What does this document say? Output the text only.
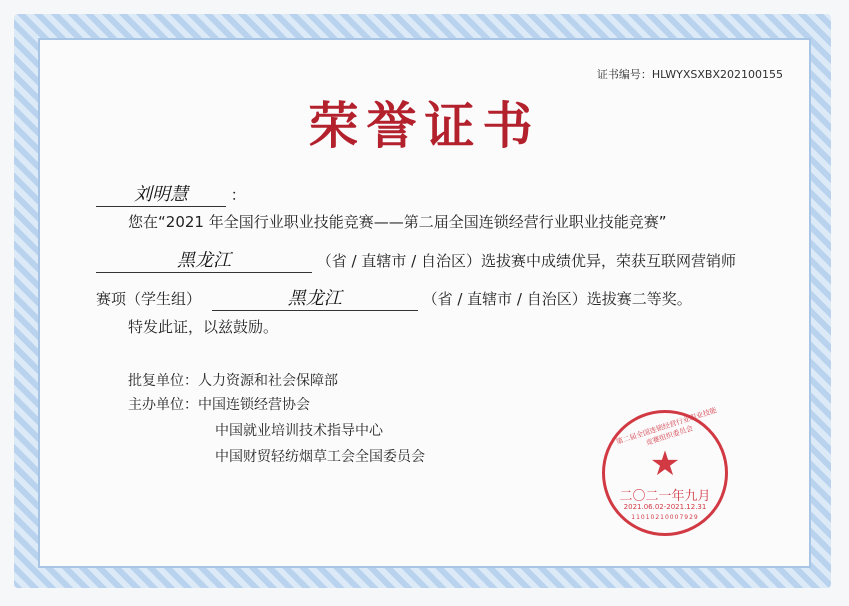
证书编号：HLWYXSXBX202100155
荣誉证书
刘明慧	：
您在“2021 年全国行业职业技能竞赛——第二届全国连锁经营行业职业技能竞赛”
黑龙江	（省 / 直辖市 / 自治区）选拔赛中成绩优异，荣获互联网营销师
赛项（学生组）	黑龙江	（省 / 直辖市 / 自治区）选拔赛二等奖。
特发此证，以兹鼓励。
批复单位：人力资源和社会保障部
主办单位：中国连锁经营协会
中国就业培训技术指导中心
中国财贸轻纺烟草工会全国委员会
第二届全国连锁经营行业职业技能竞赛组织委员会
★
二〇二一年九月
2021.06.02-2021.12.31
11010210007929
